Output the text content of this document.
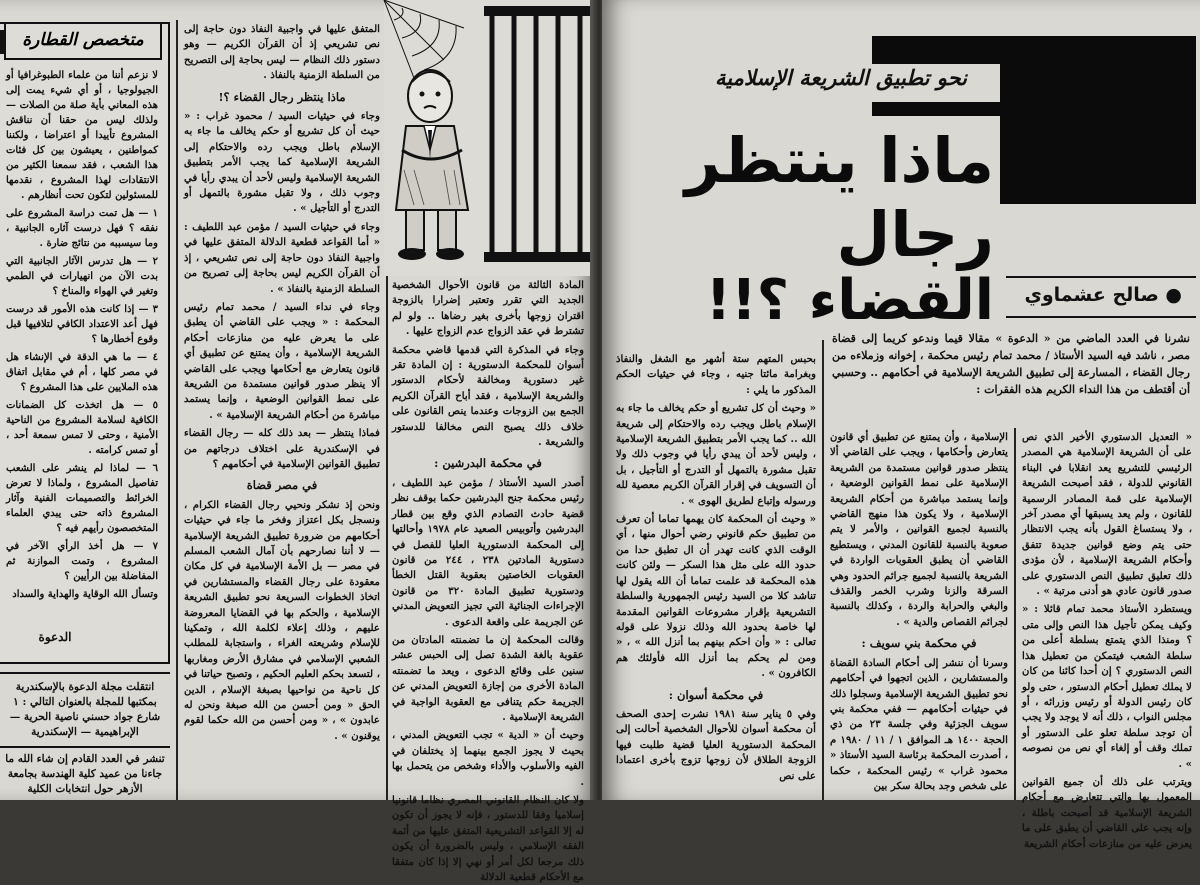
متخصص القطارة

لا نزعم أننا من علماء الطبوغرافيا أو الجيولوجيا ، أو أي شيء يمت إلى هذه المعاني بأية صلة من الصلات — ولذلك ليس من حقنا أن نناقش المشروع تأييدا أو اعتراضا ، ولكننا كمواطنين ، يعيشون بين كل فئات هذا الشعب ، فقد سمعنا الكثير من الانتقادات لهذا المشروع ، نقدمها للمسئولين لتكون تحت أنظارهم .

١ — هل تمت دراسة المشروع على نفقه ؟ فهل درست آثاره الجانبية ، وما سيسببه من نتائج ضارة .

٢ — هل تدرس الآثار الجانبية التي بدت الآن من انهيارات في الطمي وتغير في الهواء والمناخ ؟

٣ — إذا كانت هذه الأمور قد درست فهل أعد الاعتداد الكافي لتلافيها قبل وقوع أخطارها ؟

٤ — ما هي الدقة في الإنشاء هل في مصر كلها ، أم في مقابل اتفاق هذه الملايين على هذا المشروع ؟

٥ — هل اتخذت كل الضمانات الكافية لسلامة المشروع من الناحية الأمنية ، وحتى لا تمس سمعة أحد ، أو تمس كرامته .

٦ — لماذا لم ينشر على الشعب تفاصيل المشروع ، ولماذا لا تعرض الخرائط والتصميمات الفنية وآثار المشروع ذاته حتى يبدي العلماء المتخصصون رأيهم فيه ؟

٧ — هل أخذ الرأي الآخر في المشروع ، وتمت الموازنة ثم المفاضلة بين الرأيين ؟

وتسأل الله الوقاية والهداية والسداد

الدعوة
انتقلت مجلة الدعوة بالإسكندرية بمكتبها للمجلة بالعنوان التالي : ١ شارع جواد حسني ناصية الحرية — الإبراهيمية — الإسكندرية
تنشر في العدد القادم إن شاء الله ما جاءنا من عميد كلية الهندسة بجامعة الأزهر حول انتخابات الكلية

المتفق عليها في واجبية النفاذ دون حاجة إلى نص تشريعي إذ أن القرآن الكريم — وهو دستور ذلك النظام — ليس بحاجة إلى التصريح من السلطة الزمنية بالنفاذ .

ماذا ينتظر رجال القضاء ؟!

وجاء في حيثيات السيد / محمود غراب : « حيث أن كل تشريع أو حكم يخالف ما جاء به الإسلام باطل ويجب رده والاحتكام إلى الشريعة الإسلامية كما يجب الأمر بتطبيق الشريعة الإسلامية وليس لأحد أن يبدي رأيا في وجوب ذلك ، ولا تقبل مشورة بالتمهل أو التدرج أو التأجيل » .

وجاء في حيثيات السيد / مؤمن عبد اللطيف : « أما القواعد قطعية الدلالة المتفق عليها في واجبية النفاذ دون حاجة إلى نص تشريعي ، إذ أن القرآن الكريم ليس بحاجة إلى تصريح من السلطة الزمنية بالنفاذ » .

وجاء في نداء السيد / محمد تمام رئيس المحكمة : « ويجب على القاضي أن يطبق على ما يعرض عليه من منازعات أحكام الشريعة الإسلامية ، وأن يمتنع عن تطبيق أي قانون يتعارض مع أحكامها ويجب على القاضي ألا ينظر صدور قوانين مستمدة من الشريعة على نمط القوانين الوضعية ، وإنما يستمد مباشرة من أحكام الشريعة الإسلامية » .

فماذا ينتظر — بعد ذلك كله — رجال القضاء في الإسكندرية على اختلاف درجاتهم من تطبيق القوانين الإسلامية في أحكامهم ؟

في مصر قضاة

ونحن إذ نشكر ونحيي رجال القضاء الكرام ، ونسجل بكل اعتزاز وفخر ما جاء في حيثيات أحكامهم من ضرورة تطبيق الشريعة الإسلامية — لا أننا نصارحهم بأن آمال الشعب المسلم في مصر — بل الأمة الإسلامية في كل مكان معقودة على رجال القضاء والمستشارين في اتخاذ الخطوات السريعة نحو تطبيق الشريعة الإسلامية ، والحكم بها في القضايا المعروضة عليهم ، وذلك إعلاء لكلمة الله ، وتمكينا للإسلام وشريعته الغراء ، واستجابة للمطلب الشعبي الإسلامي في مشارق الأرض ومغاربها ، لتسعد بحكم العليم الحكيم ، وتصبح حياتنا في كل ناحية من نواحيها بصبغة الإسلام ، الدين الحق « ومن أحسن من الله صبغة ونحن له عابدون » ، « ومن أحسن من الله حكما لقوم يوقنون » .

المادة الثالثة من قانون الأحوال الشخصية الجديد التي تقرر وتعتبر إضرارا بالزوجة اقتران زوجها بأخرى بغير رضاها .. ولو لم تشترط في عقد الزواج عدم الزواج عليها .

وجاء في المذكرة التي قدمها قاضي محكمة أسوان للمحكمة الدستورية : إن المادة تقر غير دستورية ومخالفة لأحكام الدستور والشريعة الإسلامية ، فقد أباح القرآن الكريم الجمع بين الزوجات وعندما ينص القانون على خلاف ذلك يصبح النص مخالفا للدستور والشريعة .

في محكمة البدرشين :

أصدر السيد الأستاذ / مؤمن عبد اللطيف ، رئيس محكمة جنح البدرشين حكما بوقف نظر قضية حادث التصادم الذي وقع بين قطار البدرشين وأتوبيس الصعيد عام ١٩٧٨ وأحالتها إلى المحكمة الدستورية العليا للفصل في دستورية المادتين ٢٣٨ ، ٢٤٤ من قانون العقوبات الخاصتين بعقوبة القتل الخطأ ودستورية تطبيق المادة ٣٢٠ من قانون الإجراءات الجنائية التي تجيز التعويض المدني عن الجريمة على واقعة الدعوى .

وقالت المحكمة إن ما تضمنته المادتان من عقوبة بالغة الشدة تصل إلى الحبس عشر سنين على وقائع الدعوى ، ويعد ما تضمنته المادة الأخرى من إجازة التعويض المدني عن الجريمة حكم يتنافى مع العقوبة الواجبة في الشريعة الإسلامية .

وحيث أن « الدية » تجب التعويض المدني ، بحيث لا يجوز الجمع بينهما إذ يختلفان في الفيه والأسلوب والأداء وشخص من يتحمل بها .

ولا كان النظام القانوني المصري نظاما قانونيا إسلاميا وفقا للدستور ، فإنه لا يجوز أن تكون له إلا القواعد التشريعية المتفق عليها من أئمة الفقه الإسلامي ، وليس بالضرورة أن يكون ذلك مرجعا لكل أمر أو نهي إلا إذا كان متفقا مع الأحكام قطعية الدلالة

نحو تطبيق الشريعة الإسلامية
ماذا ينتظر
رجال
القضاء ؟!!	● صالح عشماوي
نشرنا في العدد الماضي من « الدعوة » مقالا قيما وندعو كريما إلى قضاة مصر ، ناشد فيه السيد الأستاذ / محمد تمام رئيس محكمة ، إخوانه وزملاءه من رجال القضاء ، المسارعة إلى تطبيق الشريعة الإسلامية في أحكامهم .. وحسبي أن أقتطف من هذا النداء الكريم هذه الفقرات :

« التعديل الدستوري الأخير الذي نص على أن الشريعة الإسلامية هي المصدر الرئيسي للتشريع يعد انقلابا في البناء القانوني للدولة ، فقد أصبحت الشريعة الإسلامية على قمة المصادر الرسمية للقانون ، ولم يعد يسبقها أي مصدر آخر ، ولا يستساغ القول بأنه يجب الانتظار حتى يتم وضع قوانين جديدة تتفق وأحكام الشريعة الإسلامية ، لأن مؤدى ذلك تعليق تطبيق النص الدستوري على صدور قانون عادي هو أدنى مرتبة » .

ويستطرد الأستاذ محمد تمام قائلا : « وكيف يمكن تأجيل هذا النص وإلى متى ؟ ومنذا الذي يتمتع بسلطة أعلى من سلطة الشعب فيتمكن من تعطيل هذا النص الدستوري ؟ إن أحدا كائنا من كان لا يملك تعطيل أحكام الدستور ، حتى ولو كان رئيس الدولة أو رئيس وزرائه ، أو مجلس النواب ، ذلك أنه لا يوجد ولا يجب أن توجد سلطة تعلو على الدستور أو تملك وقف أو إلغاء أي نص من نصوصه » .

ويترتب على ذلك أن جميع القوانين المعمول بها والتي تتعارض مع أحكام الشريعة الإسلامية قد أصبحت باطلة ، وإنه يجب على القاضي أن يطبق على ما يعرض عليه من منازعات أحكام الشريعة

الإسلامية ، وأن يمتنع عن تطبيق أي قانون يتعارض وأحكامها ، ويجب على القاضي ألا ينتظر صدور قوانين مستمدة من الشريعة الإسلامية على نمط القوانين الوضعية ، وإنما يستمد مباشرة من أحكام الشريعة الإسلامية ، ولا يكون هذا منهج القاضي بالنسبة لجميع القوانين ، والأمر لا يتم صعوبة بالنسبة للقانون المدني ، ويستطيع القاضي أن يطبق العقوبات الواردة في الشريعة بالنسبة لجميع جرائم الحدود وهي السرقة والزنا وشرب الخمر والقذف والبغي والحرابة والردة ، وكذلك بالنسبة لجرائم القصاص والدية » .

في محكمة بني سويف :

وسرنا أن ننشر إلى أحكام السادة القضاة والمستشارين ، الذين اتجهوا في أحكامهم نحو تطبيق الشريعة الإسلامية وسجلوا ذلك في حيثيات أحكامهم — ففي محكمة بني سويف الجزئية وفي جلسة ٢٣ من ذي الحجة ١٤٠٠ هـ الموافق ١ / ١١ / ١٩٨٠ م ، أصدرت المحكمة برئاسة السيد الأستاذ « محمود غراب » رئيس المحكمة ، حكما على شخص وجد بحالة سكر بين

بحبس المتهم ستة أشهر مع الشغل والنفاذ وبغرامة مائتا جنيه ، وجاء في حيثيات الحكم المذكور ما يلي :

« وحيث أن كل تشريع أو حكم يخالف ما جاء به الإسلام باطل ويجب رده والاحتكام إلى شريعة الله .. كما يجب الأمر بتطبيق الشريعة الإسلامية ، وليس لأحد أن يبدي رأيا في وجوب ذلك ولا تقبل مشورة بالتمهل أو التدرج أو التأجيل ، بل أن التسويف في إقرار القرآن الكريم معصية لله ورسوله وإتباع لطريق الهوى » .

« وحيث أن المحكمة كان يهمها تماما أن تعرف من تطبيق حكم قانوني رضي أحوال منها ، أي الوقت الذي كانت تهدر أن ال تطبق حدا من حدود الله على مثل هذا السكر — ولئن كانت هذه المحكمة قد علمت تماما أن الله يقول لها تناشد كلا من السيد رئيس الجمهورية والسلطة التشريعية بإقرار مشروعات القوانين المقدمة لها خاصة بحدود الله وذلك نزولا على قوله تعالى : « وأن احكم بينهم بما أنزل الله » ، « ومن لم يحكم بما أنزل الله فأولئك هم الكافرون » .

في محكمة أسوان :

وفي ٥ يناير سنة ١٩٨١ نشرت إحدى الصحف أن محكمة أسوان للأحوال الشخصية أحالت إلى المحكمة الدستورية العليا قضية طلبت فيها الزوجة الطلاق لأن زوجها تزوج بأخرى اعتمادا على نص
